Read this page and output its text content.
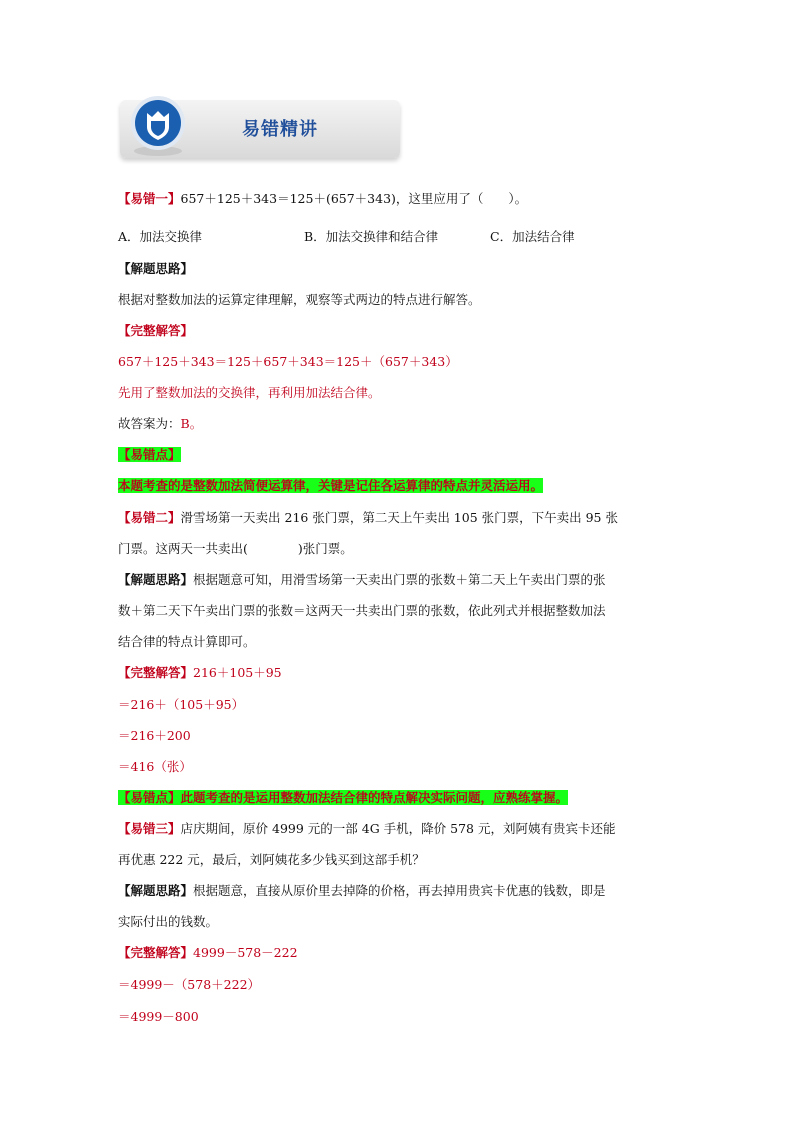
易错精讲
【易错一】657＋125＋343＝125＋(657＋343)，这里应用了（　　）。
A．加法交换律	B．加法交换律和结合律	C．加法结合律
【解题思路】
根据对整数加法的运算定律理解，观察等式两边的特点进行解答。
【完整解答】
657＋125＋343＝125＋657＋343＝125＋（657＋343）
先用了整数加法的交换律，再利用加法结合律。
故答案为：B。
【易错点】
本题考查的是整数加法简便运算律，关键是记住各运算律的特点并灵活运用。
【易错二】滑雪场第一天卖出 216 张门票，第二天上午卖出 105 张门票，下午卖出 95 张
门票。这两天一共卖出(　　　　)张门票。
【解题思路】根据题意可知，用滑雪场第一天卖出门票的张数＋第二天上午卖出门票的张
数＋第二天下午卖出门票的张数＝这两天一共卖出门票的张数，依此列式并根据整数加法
结合律的特点计算即可。
【完整解答】216＋105＋95
＝216＋（105＋95）
＝216＋200
＝416（张）
【易错点】此题考查的是运用整数加法结合律的特点解决实际问题，应熟练掌握。
【易错三】店庆期间，原价 4999 元的一部 4G 手机，降价 578 元，刘阿姨有贵宾卡还能
再优惠 222 元，最后，刘阿姨花多少钱买到这部手机？
【解题思路】根据题意，直接从原价里去掉降的价格，再去掉用贵宾卡优惠的钱数，即是
实际付出的钱数。
【完整解答】4999－578－222
＝4999－（578＋222）
＝4999－800
